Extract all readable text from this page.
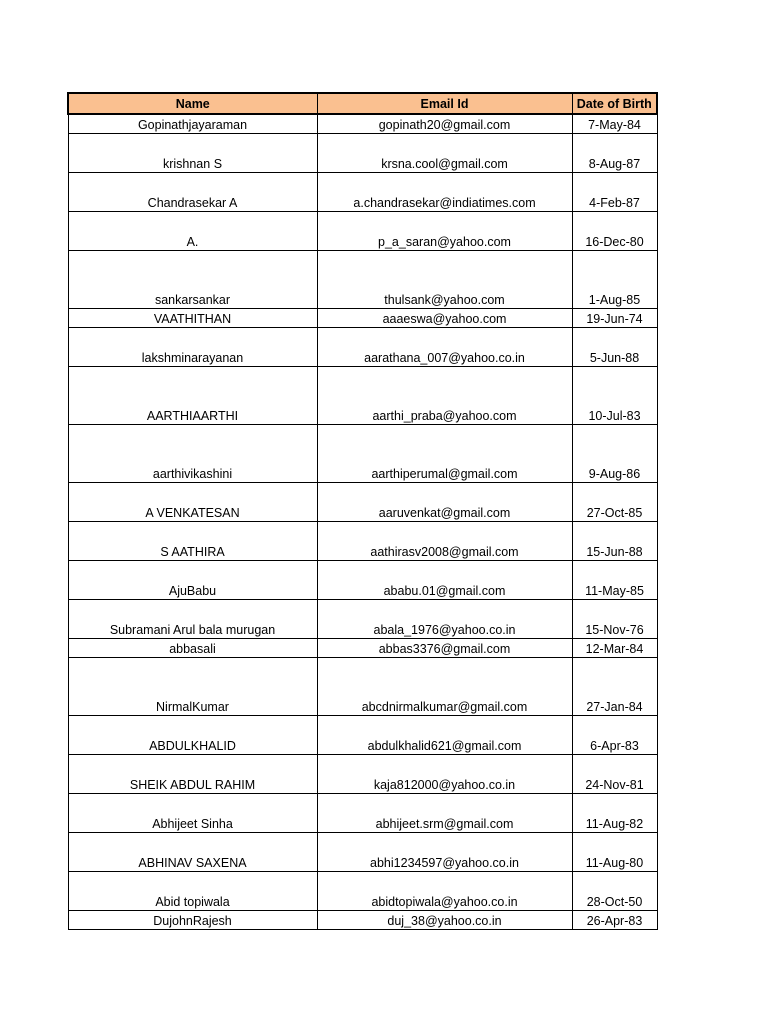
Name	Email Id	Date of Birth
Gopinathjayaraman	gopinath20@gmail.com	7-May-84
krishnan S	krsna.cool@gmail.com	8-Aug-87
Chandrasekar A	a.chandrasekar@indiatimes.com	4-Feb-87
A.	p_a_saran@yahoo.com	16-Dec-80
sankarsankar	thulsank@yahoo.com	1-Aug-85
VAATHITHAN	aaaeswa@yahoo.com	19-Jun-74
lakshminarayanan	aarathana_007@yahoo.co.in	5-Jun-88
AARTHIAARTHI	aarthi_praba@yahoo.com	10-Jul-83
aarthivikashini	aarthiperumal@gmail.com	9-Aug-86
A VENKATESAN	aaruvenkat@gmail.com	27-Oct-85
S AATHIRA	aathirasv2008@gmail.com	15-Jun-88
AjuBabu	ababu.01@gmail.com	11-May-85
Subramani Arul bala murugan	abala_1976@yahoo.co.in	15-Nov-76
abbasali	abbas3376@gmail.com	12-Mar-84
NirmalKumar	abcdnirmalkumar@gmail.com	27-Jan-84
ABDULKHALID	abdulkhalid621@gmail.com	6-Apr-83
SHEIK ABDUL RAHIM	kaja812000@yahoo.co.in	24-Nov-81
Abhijeet Sinha	abhijeet.srm@gmail.com	11-Aug-82
ABHINAV SAXENA	abhi1234597@yahoo.co.in	11-Aug-80
Abid topiwala	abidtopiwala@yahoo.co.in	28-Oct-50
DujohnRajesh	duj_38@yahoo.co.in	26-Apr-83
